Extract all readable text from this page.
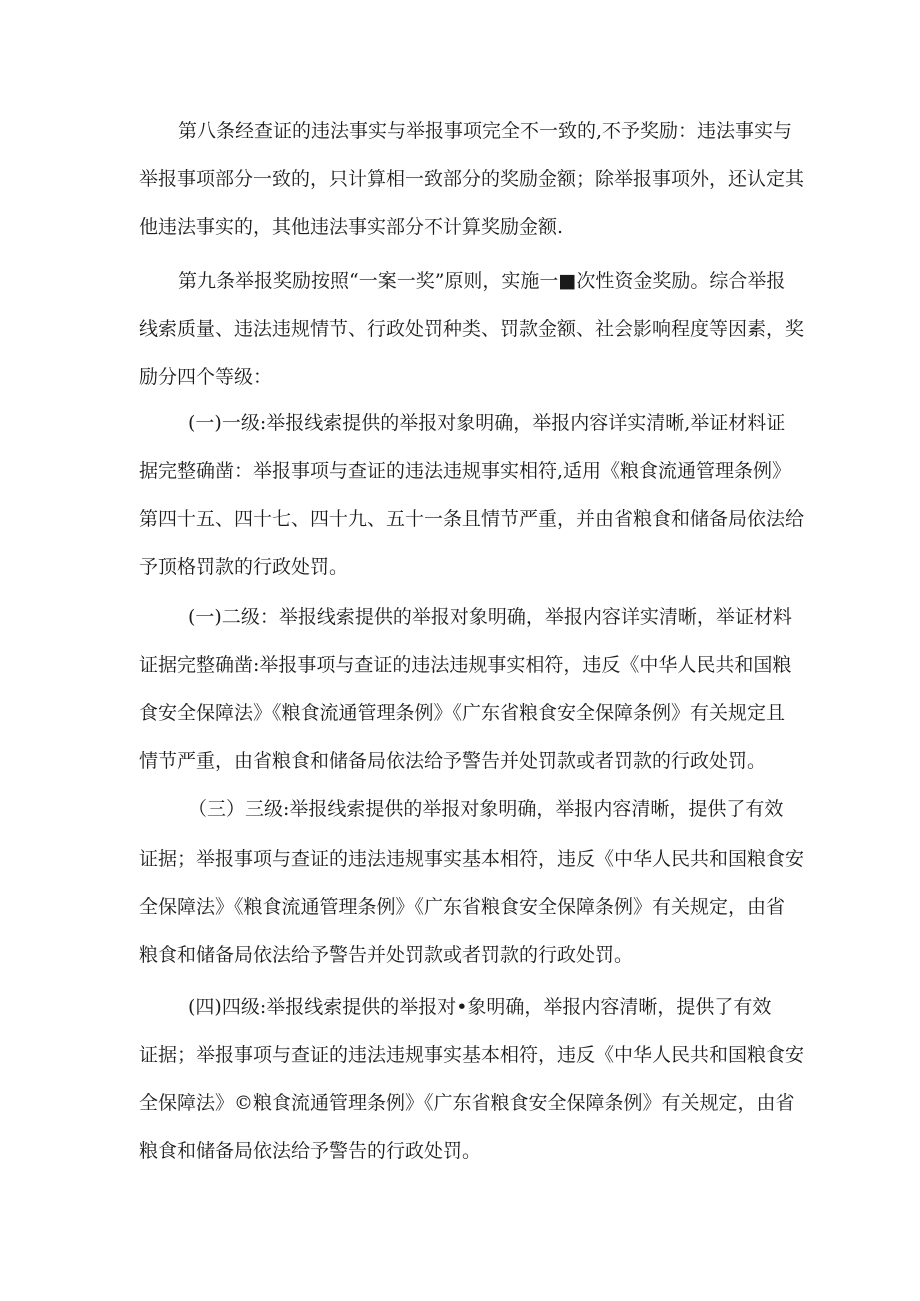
第八条经查证的违法事实与举报事项完全不一致的,不予奖励：违法事实与

举报事项部分一致的，只计算相一致部分的奖励金额；除举报事项外，还认定其

他违法事实的，其他违法事实部分不计算奖励金额.

第九条举报奖励按照“一案一奖”原则，实施一■次性资金奖励。综合举报

线索质量、违法违规情节、行政处罚种类、罚款金额、社会影响程度等因素，奖

励分四个等级：

(一)一级:举报线索提供的举报对象明确，举报内容详实清晰,举证材料证

据完整确凿：举报事项与查证的违法违规事实相符,适用《粮食流通管理条例》

第四十五、四十七、四十九、五十一条且情节严重，并由省粮食和储备局依法给

予顶格罚款的行政处罚。

(一)二级：举报线索提供的举报对象明确，举报内容详实清晰，举证材料

证据完整确凿:举报事项与查证的违法违规事实相符，违反《中华人民共和国粮

食安全保障法》《粮食流通管理条例》《广东省粮食安全保障条例》有关规定且

情节严重，由省粮食和储备局依法给予警告并处罚款或者罚款的行政处罚。

（三）三级:举报线索提供的举报对象明确，举报内容清晰，提供了有效

证据；举报事项与查证的违法违规事实基本相符，违反《中华人民共和国粮食安

全保障法》《粮食流通管理条例》《广东省粮食安全保障条例》有关规定，由省

粮食和储备局依法给予警告并处罚款或者罚款的行政处罚。

(四)四级:举报线索提供的举报对•象明确，举报内容清晰，提供了有效

证据；举报事项与查证的违法违规事实基本相符，违反《中华人民共和国粮食安

全保障法》©粮食流通管理条例》《广东省粮食安全保障条例》有关规定，由省

粮食和储备局依法给予警告的行政处罚。
